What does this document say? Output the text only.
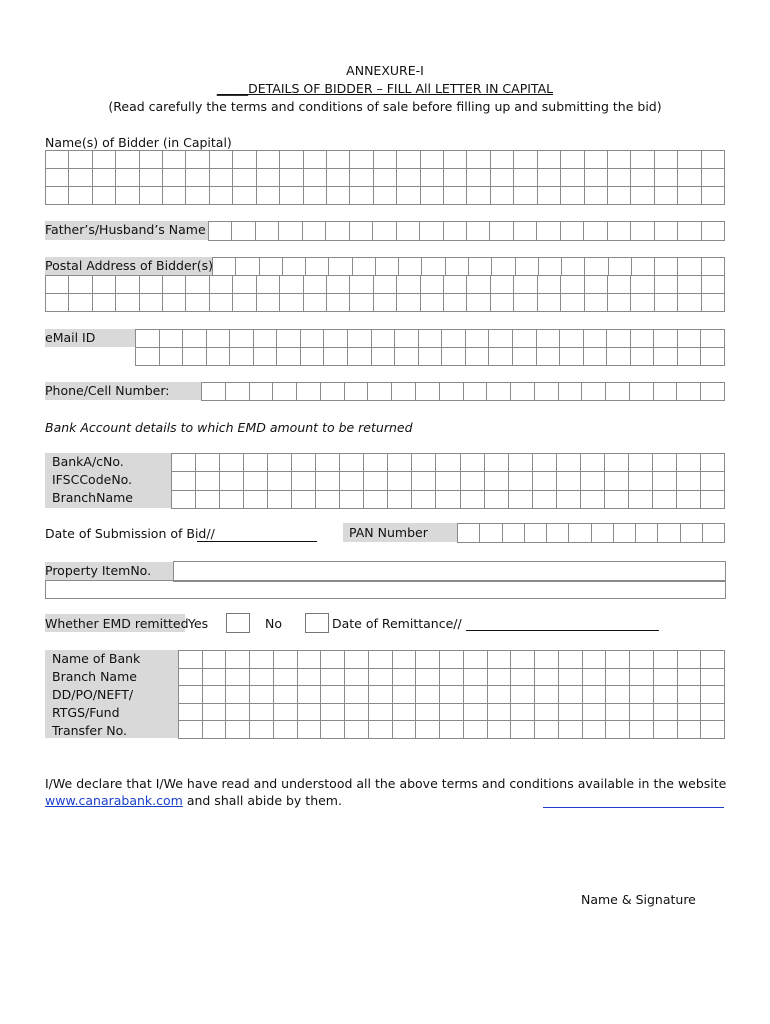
ANNEXURE-I
_____DETAILS OF BIDDER – FILL All LETTER IN CAPITAL
(Read carefully the terms and conditions of sale before filling up and submitting the bid)
Name(s) of Bidder (in Capital)
Father’s/Husband’s Name
Postal Address of Bidder(s)
eMail ID
Phone/Cell Number:
Bank Account details to which EMD amount to be returned
BankA/cNo.
IFSCCodeNo.
BranchName
Date of Submission of Bid//	PAN Number
Property ItemNo.
Whether EMD remitted Yes	No	Date of Remittance//
Name of Bank
Branch Name
DD/PO/NEFT/
RTGS/Fund
Transfer No.
I/We declare that I/We have read and understood all the above terms and conditions available in the website
www.canarabank.com and shall abide by them.
Name & Signature
